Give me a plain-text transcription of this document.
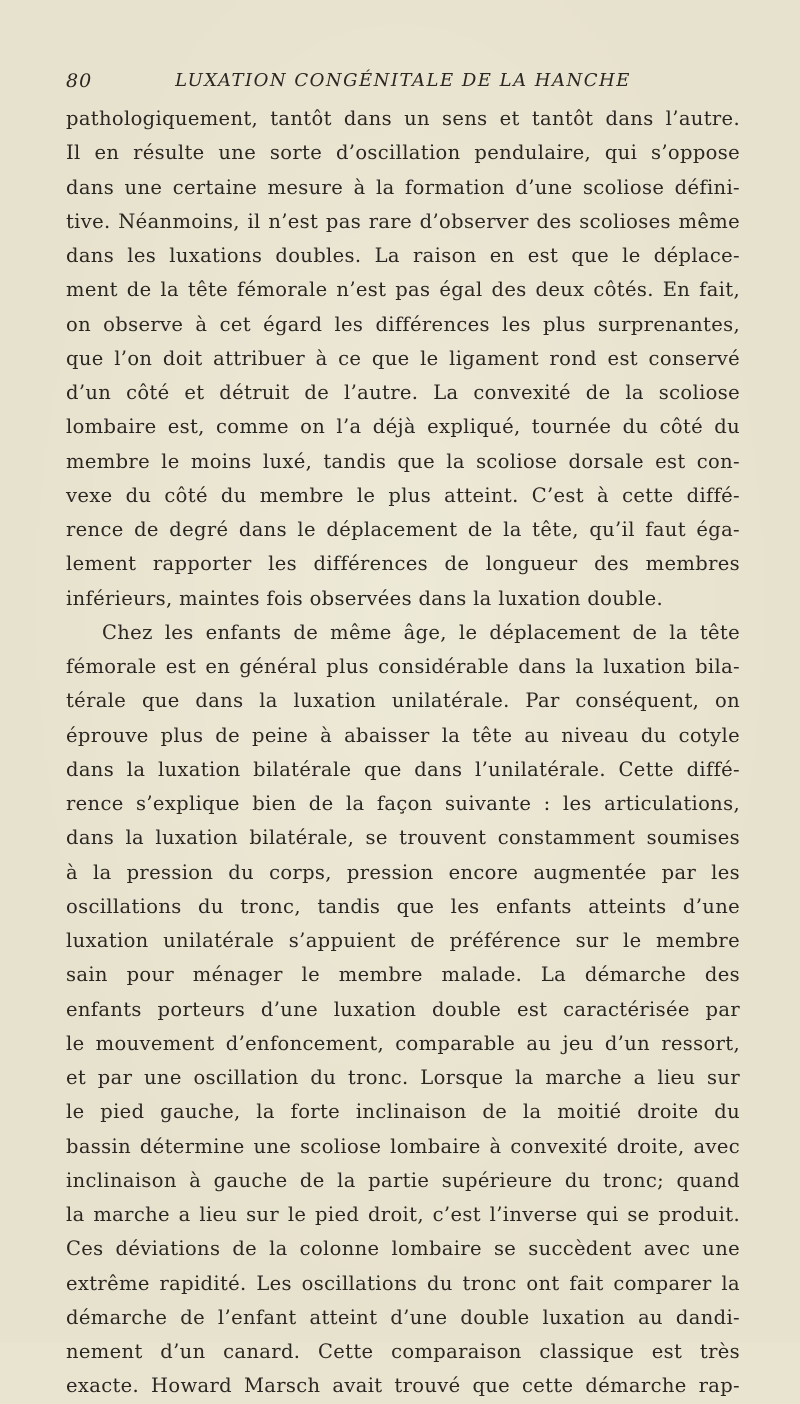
80	LUXATION CONGÉNITALE DE LA HANCHE
pathologiquement, tantôt dans un sens et tantôt dans l’autre.
Il en résulte une sorte d’oscillation pendulaire, qui s’oppose
dans une certaine mesure à la formation d’une scoliose défini-
tive. Néanmoins, il n’est pas rare d’observer des scolioses même
dans les luxations doubles. La raison en est que le déplace-
ment de la tête fémorale n’est pas égal des deux côtés. En fait,
on observe à cet égard les différences les plus surprenantes,
que l’on doit attribuer à ce que le ligament rond est conservé
d’un côté et détruit de l’autre. La convexité de la scoliose
lombaire est, comme on l’a déjà expliqué, tournée du côté du
membre le moins luxé, tandis que la scoliose dorsale est con-
vexe du côté du membre le plus atteint. C’est à cette diffé-
rence de degré dans le déplacement de la tête, qu’il faut éga-
lement rapporter les différences de longueur des membres
inférieurs, maintes fois observées dans la luxation double.
Chez les enfants de même âge, le déplacement de la tête
fémorale est en général plus considérable dans la luxation bila-
térale que dans la luxation unilatérale. Par conséquent, on
éprouve plus de peine à abaisser la tête au niveau du cotyle
dans la luxation bilatérale que dans l’unilatérale. Cette diffé-
rence s’explique bien de la façon suivante : les articulations,
dans la luxation bilatérale, se trouvent constamment soumises
à la pression du corps, pression encore augmentée par les
oscillations du tronc, tandis que les enfants atteints d’une
luxation unilatérale s’appuient de préférence sur le membre
sain pour ménager le membre malade. La démarche des
enfants porteurs d’une luxation double est caractérisée par
le mouvement d’enfoncement, comparable au jeu d’un ressort,
et par une oscillation du tronc. Lorsque la marche a lieu sur
le pied gauche, la forte inclinaison de la moitié droite du
bassin détermine une scoliose lombaire à convexité droite, avec
inclinaison à gauche de la partie supérieure du tronc; quand
la marche a lieu sur le pied droit, c’est l’inverse qui se produit.
Ces déviations de la colonne lombaire se succèdent avec une
extrême rapidité. Les oscillations du tronc ont fait comparer la
démarche de l’enfant atteint d’une double luxation au dandi-
nement d’un canard. Cette comparaison classique est très
exacte. Howard Marsch avait trouvé que cette démarche rap-
